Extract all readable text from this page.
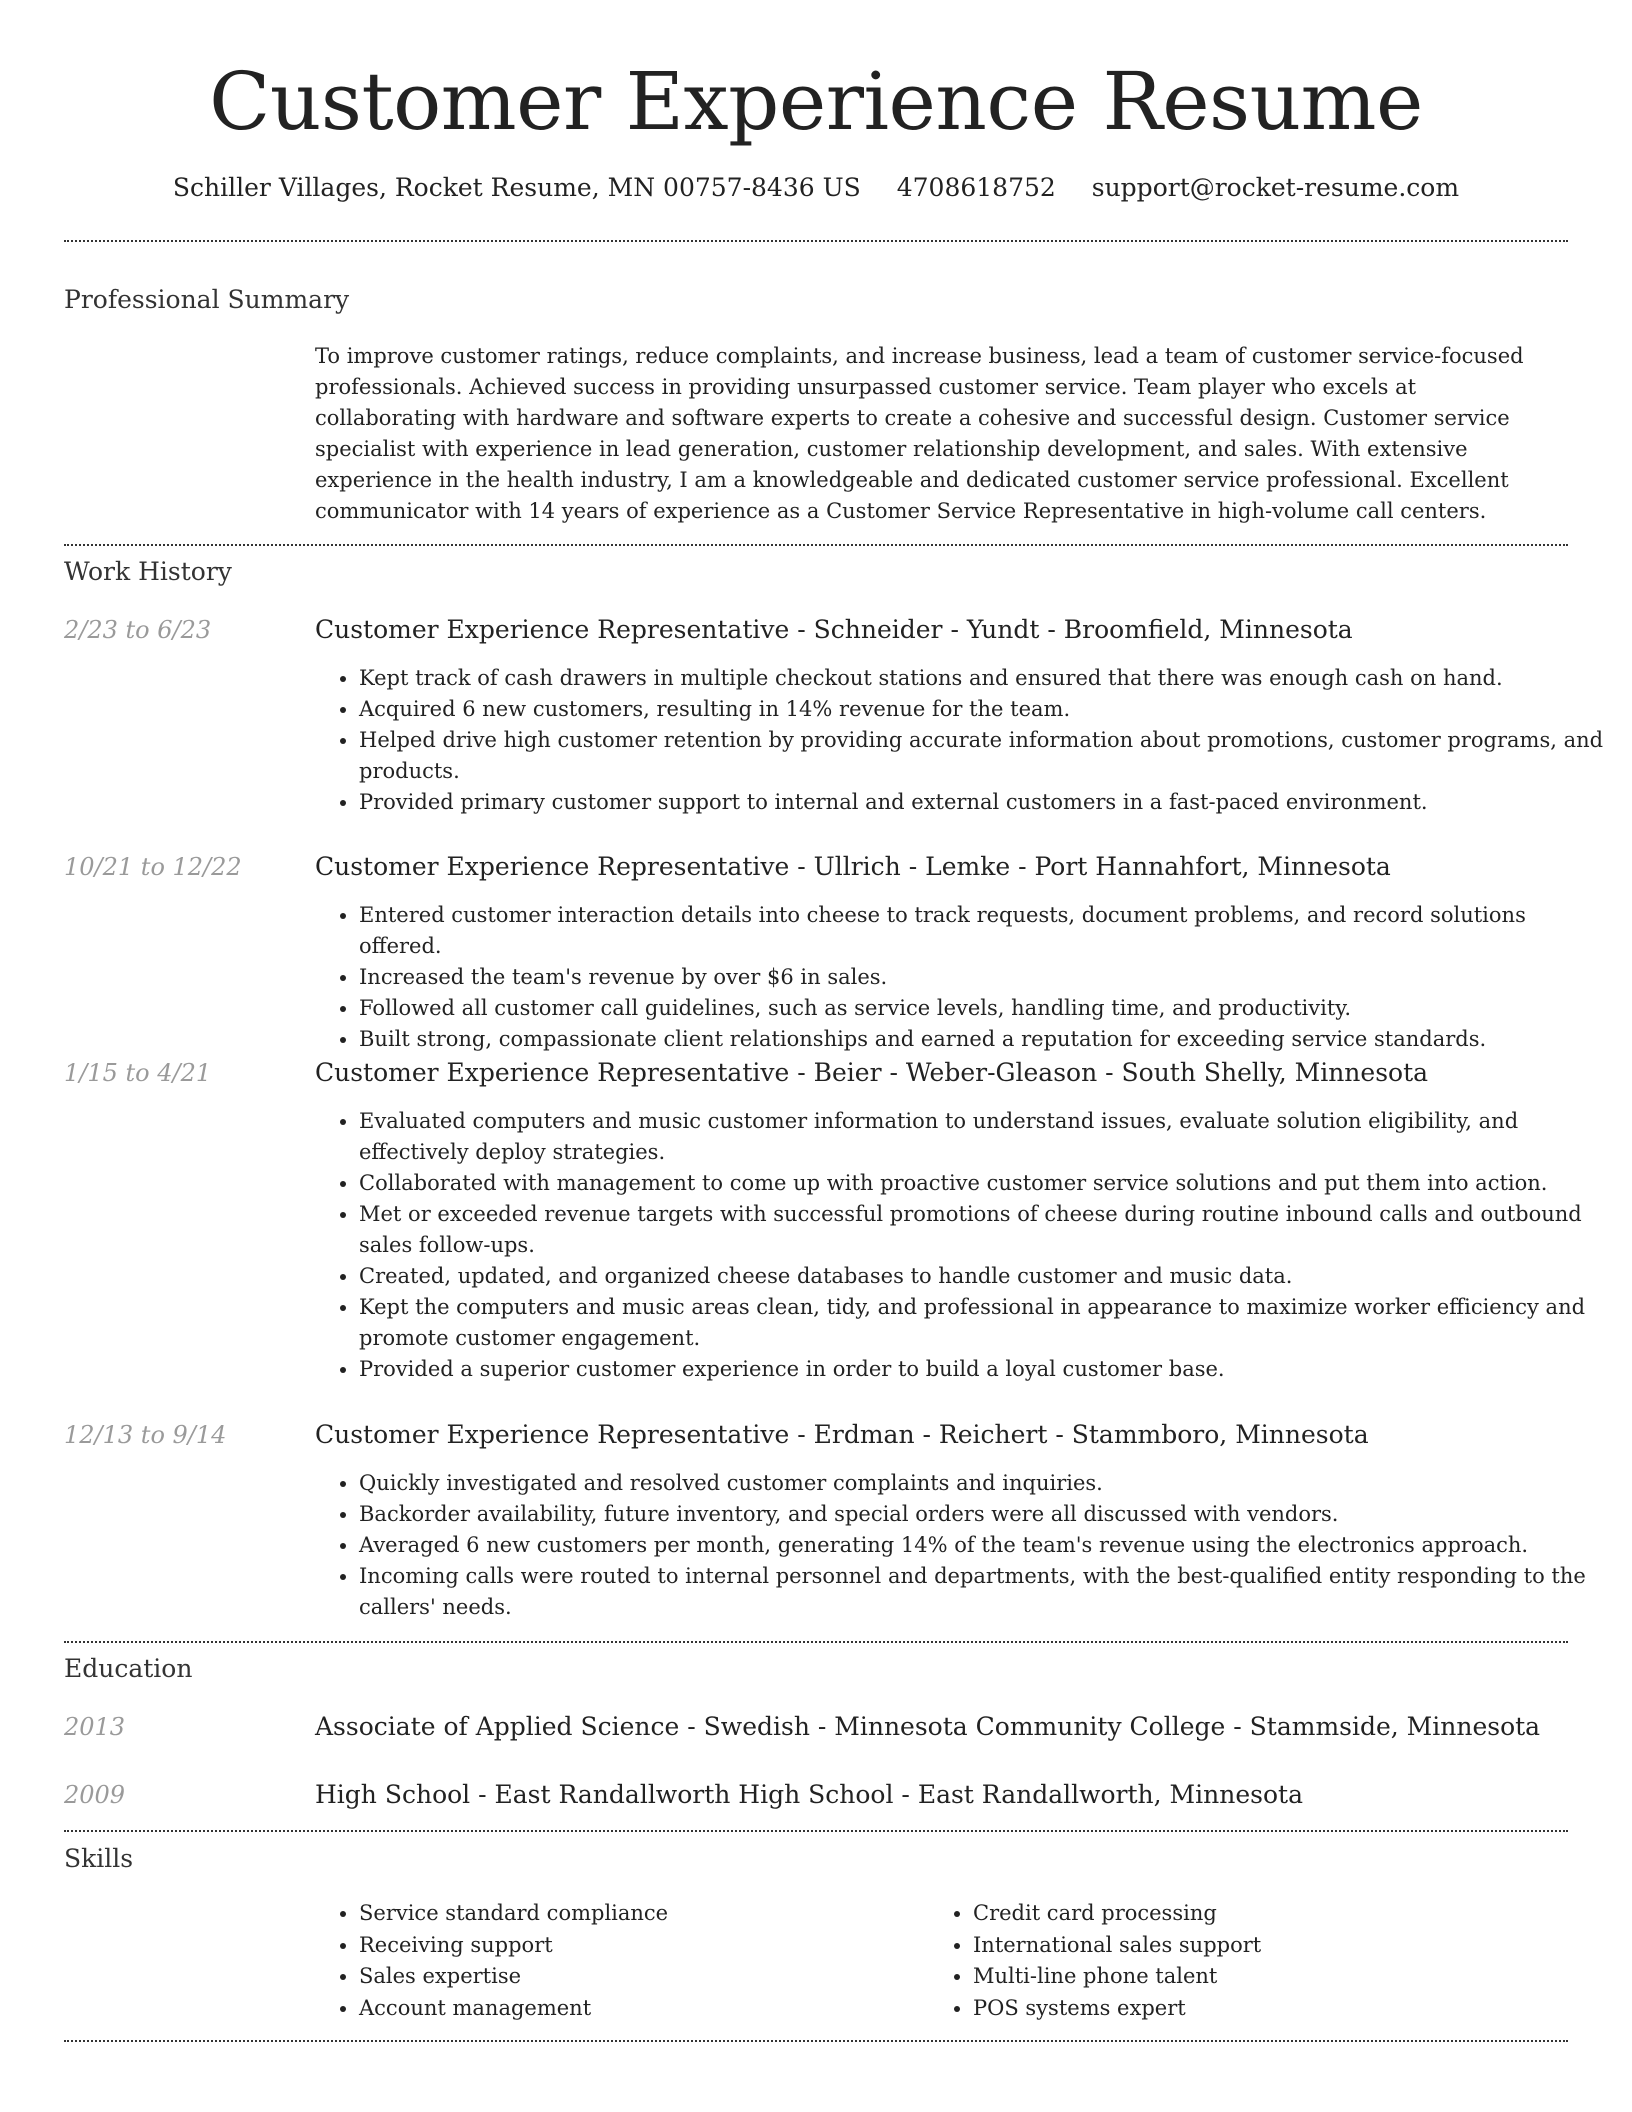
Customer Experience Resume
Schiller Villages, Rocket Resume, MN 00757-8436 US 4708618752 support@rocket-resume.com
Professional Summary

To improve customer ratings, reduce complaints, and increase business, lead a team of customer service-focused professionals. Achieved success in providing unsurpassed customer service. Team player who excels at collaborating with hardware and software experts to create a cohesive and successful design. Customer service specialist with experience in lead generation, customer relationship development, and sales. With extensive experience in the health industry, I am a knowledgeable and dedicated customer service professional. Excellent communicator with 14 years of experience as a Customer Service Representative in high-volume call centers.

Work History
2/23 to 6/23	Customer Experience Representative - Schneider - Yundt - Broomfield, Minnesota
• Kept track of cash drawers in multiple checkout stations and ensured that there was enough cash on hand.
• Acquired 6 new customers, resulting in 14% revenue for the team.
• Helped drive high customer retention by providing accurate information about promotions, customer programs, and products.
• Provided primary customer support to internal and external customers in a fast-paced environment.
10/21 to 12/22	Customer Experience Representative - Ullrich - Lemke - Port Hannahfort, Minnesota
• Entered customer interaction details into cheese to track requests, document problems, and record solutions offered.
• Increased the team's revenue by over $6 in sales.
• Followed all customer call guidelines, such as service levels, handling time, and productivity.
• Built strong, compassionate client relationships and earned a reputation for exceeding service standards.
1/15 to 4/21	Customer Experience Representative - Beier - Weber-Gleason - South Shelly, Minnesota
• Evaluated computers and music customer information to understand issues, evaluate solution eligibility, and effectively deploy strategies.
• Collaborated with management to come up with proactive customer service solutions and put them into action.
• Met or exceeded revenue targets with successful promotions of cheese during routine inbound calls and outbound sales follow-ups.
• Created, updated, and organized cheese databases to handle customer and music data.
• Kept the computers and music areas clean, tidy, and professional in appearance to maximize worker efficiency and promote customer engagement.
• Provided a superior customer experience in order to build a loyal customer base.
12/13 to 9/14	Customer Experience Representative - Erdman - Reichert - Stammboro, Minnesota
• Quickly investigated and resolved customer complaints and inquiries.
• Backorder availability, future inventory, and special orders were all discussed with vendors.
• Averaged 6 new customers per month, generating 14% of the team's revenue using the electronics approach.
• Incoming calls were routed to internal personnel and departments, with the best-qualified entity responding to the callers' needs.
Education
2013	Associate of Applied Science - Swedish - Minnesota Community College - Stammside, Minnesota
2009	High School - East Randallworth High School - East Randallworth, Minnesota
Skills
• Service standard compliance
• Receiving support
• Sales expertise
• Account management
• Credit card processing
• International sales support
• Multi-line phone talent
• POS systems expert
